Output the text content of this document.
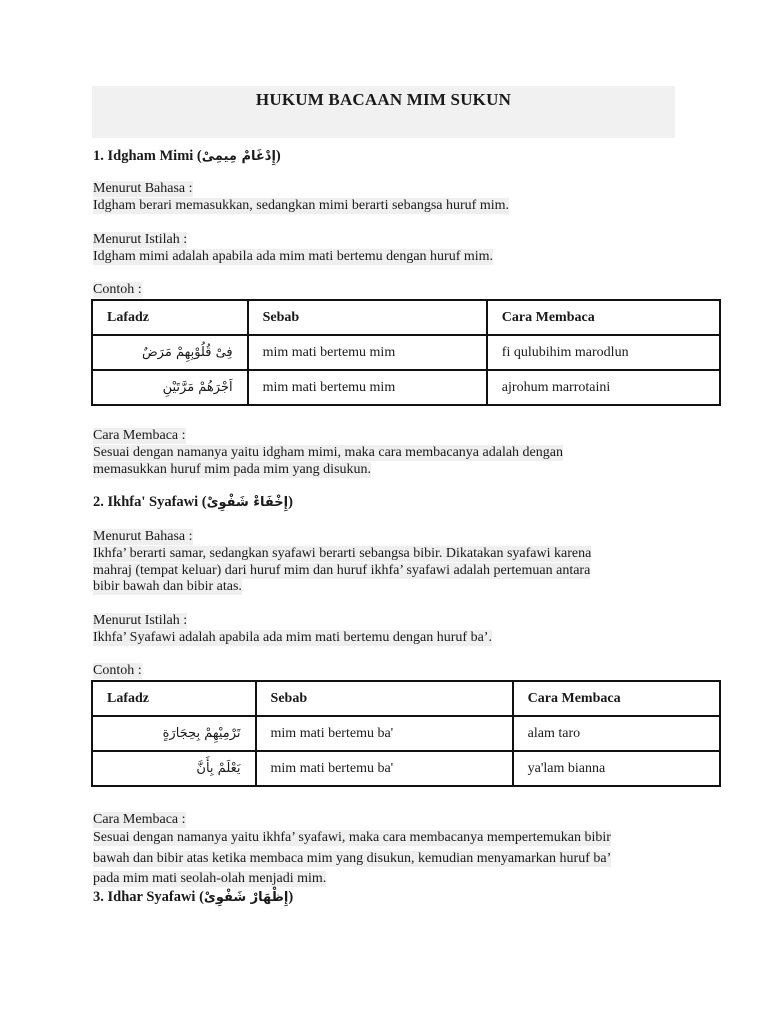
HUKUM BACAAN MIM SUKUN
1. Idgham Mimi (إِدْغَامْ مِيمِىْ)
Menurut Bahasa :
Idgham berari memasukkan, sedangkan mimi berarti sebangsa huruf mim.
Menurut Istilah :
Idgham mimi adalah apabila ada mim mati bertemu dengan huruf mim.
Contoh :
Lafadz	Sebab	Cara Membaca
فِىْ قُلُوْبِهِمْ مَرَضٌ	mim mati bertemu mim	fi qulubihim marodlun
اَجْرَهُمْ مَرَّتَيْنِ	mim mati bertemu mim	ajrohum marrotaini
Cara Membaca :
Sesuai dengan namanya yaitu idgham mimi, maka cara membacanya adalah dengan
memasukkan huruf mim pada mim yang disukun.
2. Ikhfa' Syafawi (إِخْفَاءْ شَفْوِىْ)
Menurut Bahasa :
Ikhfa’ berarti samar, sedangkan syafawi berarti sebangsa bibir. Dikatakan syafawi karena
mahraj (tempat keluar) dari huruf mim dan huruf ikhfa’ syafawi adalah pertemuan antara
bibir bawah dan bibir atas.
Menurut Istilah :
Ikhfa’ Syafawi adalah apabila ada mim mati bertemu dengan huruf ba’.
Contoh :
Lafadz	Sebab	Cara Membaca
تَرْمِيْهِمْ بِحِجَارَةٍ	mim mati bertemu ba'	alam taro
يَعْلَمْ بِأَنَّ	mim mati bertemu ba'	ya'lam bianna
Cara Membaca :
Sesuai dengan namanya yaitu ikhfa’ syafawi, maka cara membacanya mempertemukan bibir
bawah dan bibir atas ketika membaca mim yang disukun, kemudian menyamarkan huruf ba’
pada mim mati seolah-olah menjadi mim.
3. Idhar Syafawi (إِظْهَارْ شَفْوِىْ)
